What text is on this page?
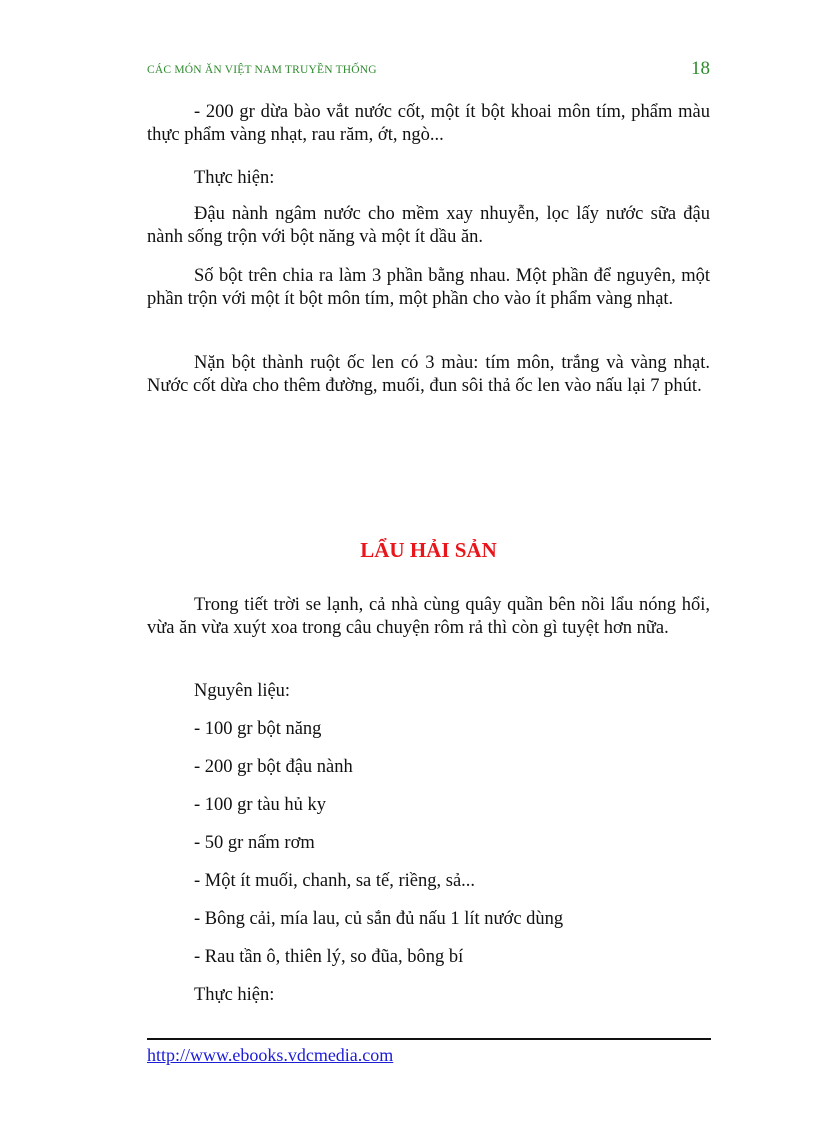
CÁC MÓN ĂN VIỆT NAM TRUYỀN THỐNG	18

- 200 gr dừa bào vắt nước cốt, một ít bột khoai môn tím, phẩm màu thực phẩm vàng nhạt, rau răm, ớt, ngò...

Thực hiện:

Đậu nành ngâm nước cho mềm xay nhuyễn, lọc lấy nước sữa đậu nành sống trộn với bột năng và một ít dầu ăn.

Số bột trên chia ra làm 3 phần bằng nhau. Một phần để nguyên, một phần trộn với một ít bột môn tím, một phần cho vào ít phẩm vàng nhạt.

Nặn bột thành ruột ốc len có 3 màu: tím môn, trắng và vàng nhạt. Nước cốt dừa cho thêm đường, muối, đun sôi thả ốc len vào nấu lại 7 phút.

LẨU HẢI SẢN

Trong tiết trời se lạnh, cả nhà cùng quây quần bên nồi lẩu nóng hổi, vừa ăn vừa xuýt xoa trong câu chuyện rôm rả thì còn gì tuyệt hơn nữa.

Nguyên liệu:

- 100 gr bột năng

- 200 gr bột đậu nành

- 100 gr tàu hủ ky

- 50 gr nấm rơm

- Một ít muối, chanh, sa tế, riềng, sả...

- Bông cải, mía lau, củ sắn đủ nấu 1 lít nước dùng

- Rau tần ô, thiên lý, so đũa, bông bí

Thực hiện:

http://www.ebooks.vdcmedia.com
